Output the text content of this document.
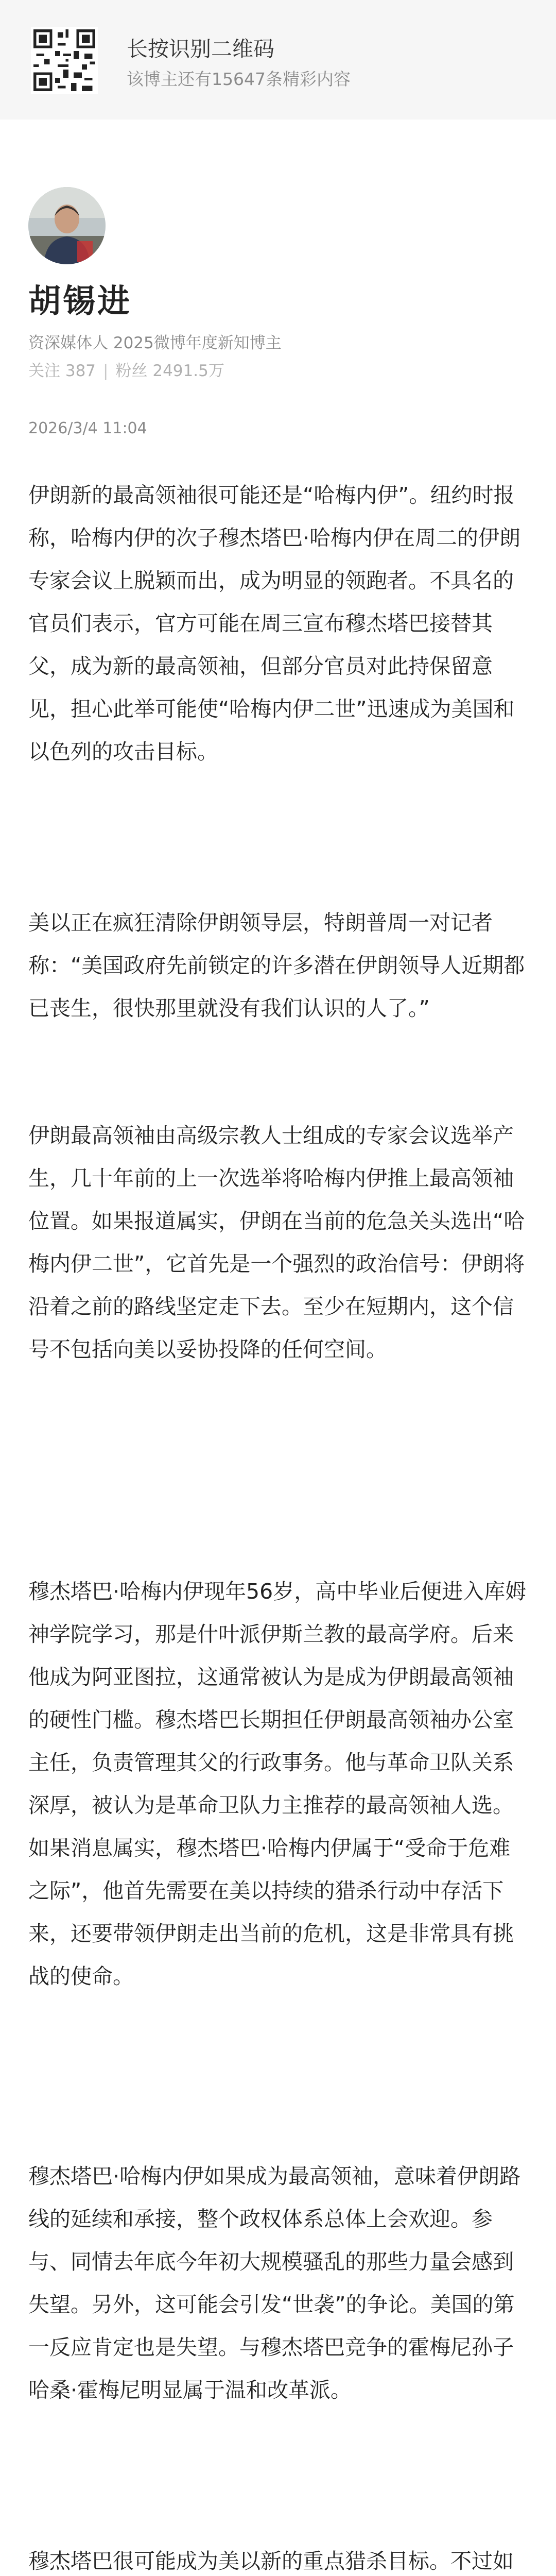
长按识别二维码
该博主还有15647条精彩内容
胡锡进
资深媒体人 2025微博年度新知博主
关注 387 | 粉丝 2491.5万
2026/3/4 11:04

伊朗新的最高领袖很可能还是“哈梅内伊”。纽约时报称，哈梅内伊的次子穆杰塔巴·哈梅内伊在周二的伊朗专家会议上脱颖而出，成为明显的领跑者。不具名的官员们表示，官方可能在周三宣布穆杰塔巴接替其父，成为新的最高领袖，但部分官员对此持保留意见，担心此举可能使“哈梅内伊二世”迅速成为美国和以色列的攻击目标。

美以正在疯狂清除伊朗领导层，特朗普周一对记者称：“美国政府先前锁定的许多潜在伊朗领导人近期都已丧生，很快那里就没有我们认识的人了。”

伊朗最高领袖由高级宗教人士组成的专家会议选举产生，几十年前的上一次选举将哈梅内伊推上最高领袖位置。如果报道属实，伊朗在当前的危急关头选出“哈梅内伊二世”，它首先是一个强烈的政治信号：伊朗将沿着之前的路线坚定走下去。至少在短期内，这个信号不包括向美以妥协投降的任何空间。

穆杰塔巴·哈梅内伊现年56岁，高中毕业后便进入库姆神学院学习，那是什叶派伊斯兰教的最高学府。后来他成为阿亚图拉，这通常被认为是成为伊朗最高领袖的硬性门槛。穆杰塔巴长期担任伊朗最高领袖办公室主任，负责管理其父的行政事务。他与革命卫队关系深厚，被认为是革命卫队力主推荐的最高领袖人选。如果消息属实，穆杰塔巴·哈梅内伊属于“受命于危难之际”，他首先需要在美以持续的猎杀行动中存活下来，还要带领伊朗走出当前的危机，这是非常具有挑战的使命。

穆杰塔巴·哈梅内伊如果成为最高领袖，意味着伊朗路线的延续和承接，整个政权体系总体上会欢迎。参与、同情去年底今年初大规模骚乱的那些力量会感到失望。另外，这可能会引发“世袭”的争论。美国的第一反应肯定也是失望。与穆杰塔巴竞争的霍梅尼孙子哈桑·霍梅尼明显属于温和改革派。

穆杰塔巴很可能成为美以新的重点猎杀目标。不过如
